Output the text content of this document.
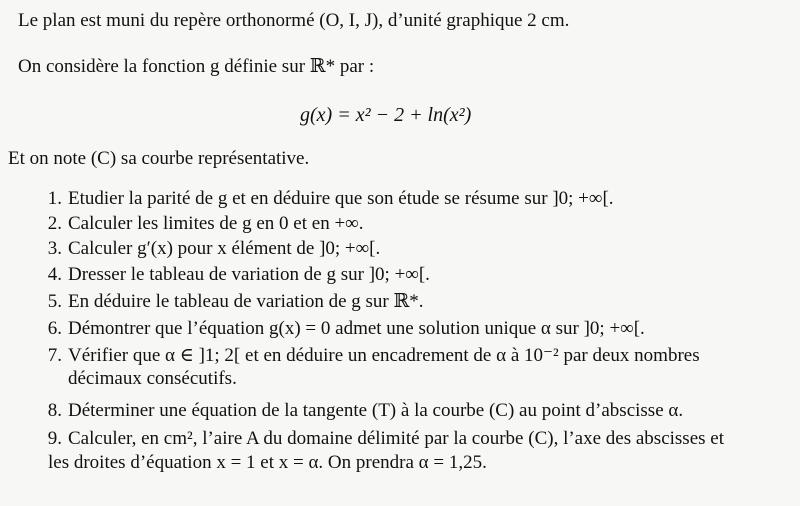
Le plan est muni du repère orthonormé (O, I, J), d’unité graphique 2 cm.
On considère la fonction g définie sur ℝ* par :
g(x) = x² − 2 + ln(x²)
Et on note (C) sa courbe représentative.
1. Etudier la parité de g et en déduire que son étude se résume sur ]0; +∞[.
2. Calculer les limites de g en 0 et en +∞.
3. Calculer g′(x) pour x élément de ]0; +∞[.
4. Dresser le tableau de variation de g sur ]0; +∞[.
5. En déduire le tableau de variation de g sur ℝ*.
6. Démontrer que l’équation g(x) = 0 admet une solution unique α sur ]0; +∞[.
7. Vérifier que α ∈ ]1; 2[ et en déduire un encadrement de α à 10⁻² par deux nombres
décimaux consécutifs.
8. Déterminer une équation de la tangente (T) à la courbe (C) au point d’abscisse α.
9. Calculer, en cm², l’aire A du domaine délimité par la courbe (C), l’axe des abscisses et
les droites d’équation x = 1 et x = α. On prendra α = 1,25.
